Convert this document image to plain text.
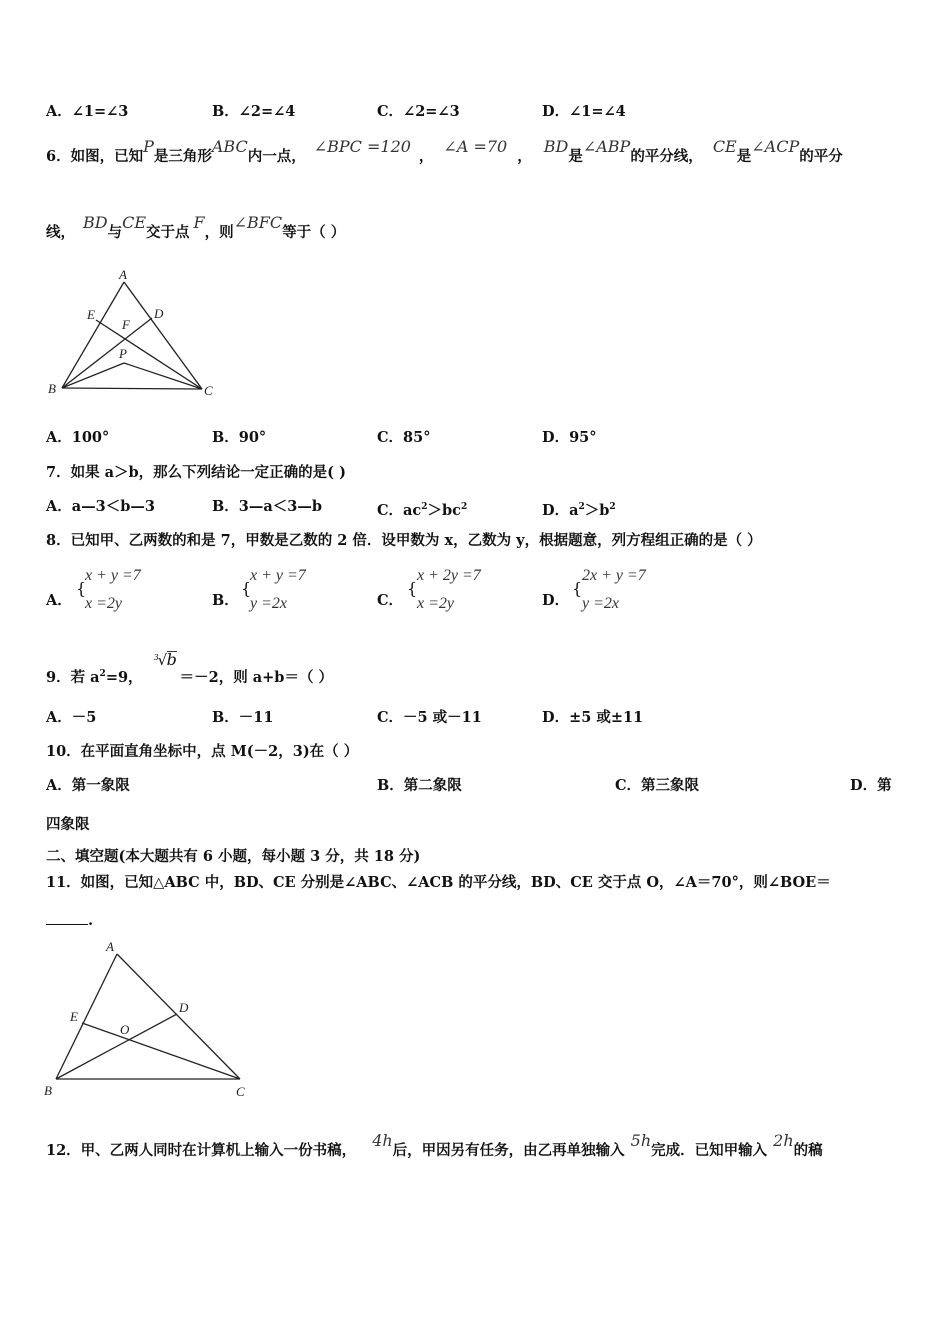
A．∠1=∠3	B．∠2=∠4	C．∠2=∠3	D．∠1=∠4
6．如图，已知P是三角形ABC内一点，∠BPC =120，∠A =70，BD是∠ABP的平分线，CE是∠ACP的平分
线，BD与CE交于点F，则∠BFC等于（ ）
A
E	D
F
P
B	C
A．100°	B．90°	C．85°	D．95°
7．如果 a＞b，那么下列结论一定正确的是( )
A．a—3＜b—3	B．3—a＜3—b	C．$ac^2>bc^2$	D．$a^2>b^2$
8．已知甲、乙两数的和是 7，甲数是乙数的 2 倍．设甲数为 x，乙数为 y，根据题意，列方程组正确的是（ ）
A．
{
x + y =7
x =2y	B．
{
x + y =7
y =2x	C．
{
x + 2y =7
x =2y	D．
{
2x + y =7
y =2x
9．若 $a^2=9$，
3
√ b
＝－2，则 a+b＝（ ）
A．－5	B．－11	C．－5 或－11	D．±5 或±11
10．在平面直角坐标中，点 M(－2，3)在（ ）
A．第一象限	B．第二象限	C．第三象限	D．第
四象限
二、填空题(本大题共有 6 小题，每小题 3 分，共 18 分)
11．如图，已知△ABC 中，BD、CE 分别是∠ABC、∠ACB 的平分线，BD、CE 交于点 O，∠A＝70°，则∠BOE＝
.
A
E
D
O
B	C
12．甲、乙两人同时在计算机上输入一份书稿，4h后，甲因另有任务，由乙再单独输入5h完成．已知甲输入2h的稿
